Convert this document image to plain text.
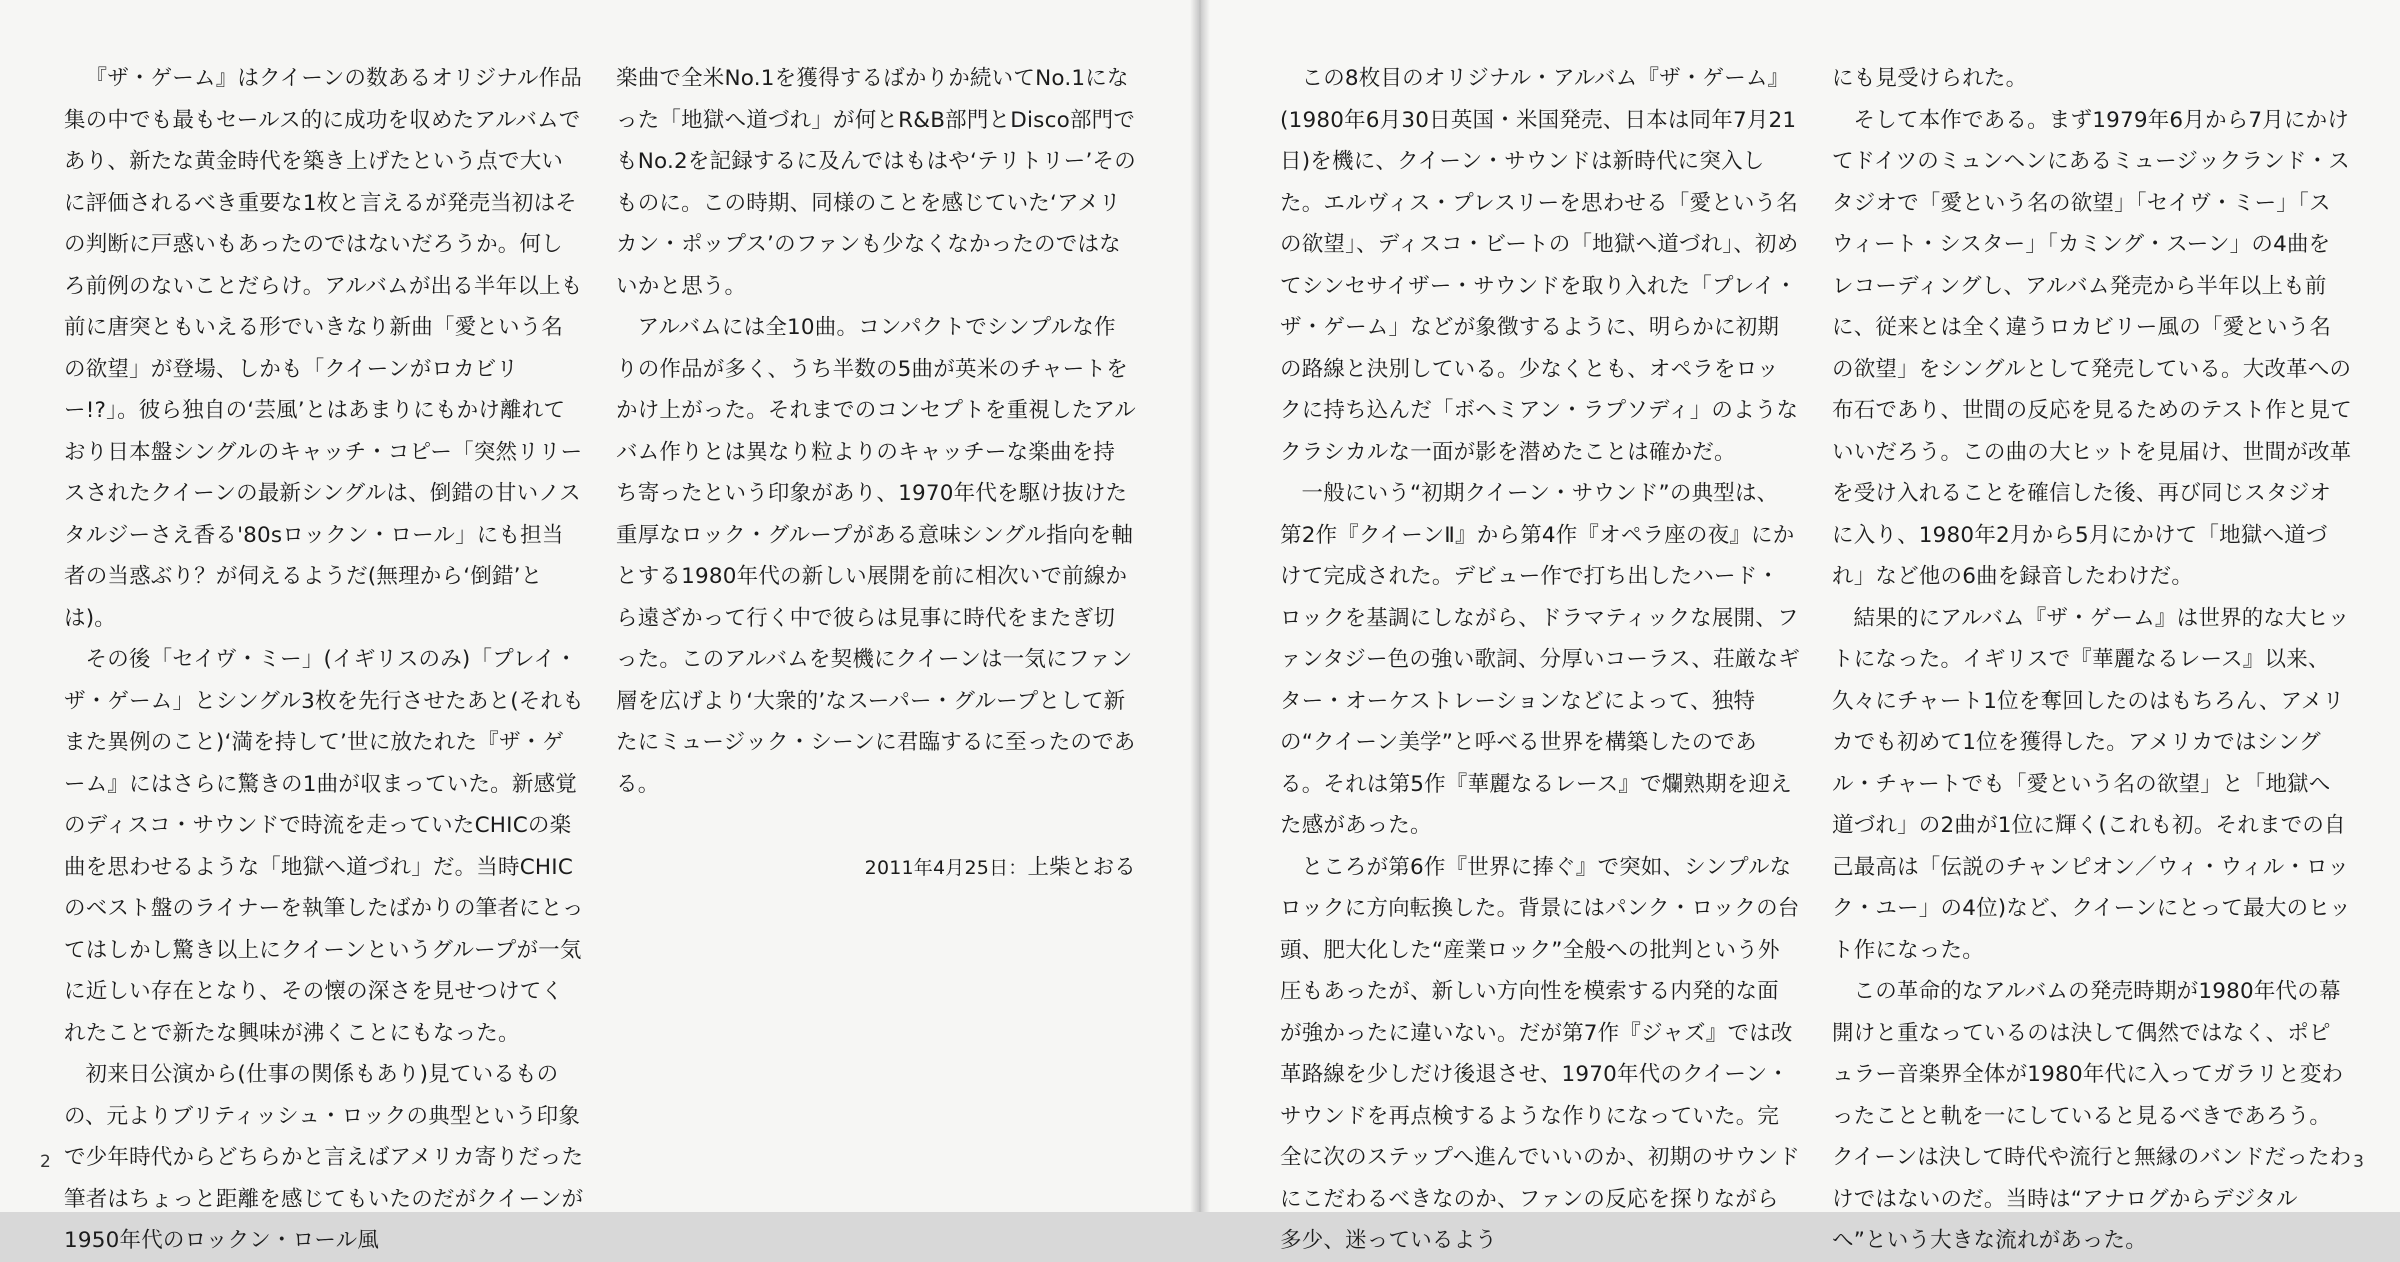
『ザ・ゲーム』はクイーンの数あるオリジナル作品集の中でも最もセールス的に成功を収めたアルバムであり、新たな黄金時代を築き上げたという点で大いに評価されるべき重要な1枚と言えるが発売当初はその判断に戸惑いもあったのではないだろうか。何しろ前例のないことだらけ。アルバムが出る半年以上も前に唐突ともいえる形でいきなり新曲「愛という名の欲望」が登場、しかも「クイーンがロカビリー!?」。彼ら独自の‘芸風’とはあまりにもかけ離れており日本盤シングルのキャッチ・コピー「突然リリースされたクイーンの最新シングルは、倒錯の甘いノスタルジーさえ香る'80sロックン・ロール」にも担当者の当惑ぶり？が伺えるようだ(無理から‘倒錯’とは)。

その後「セイヴ・ミー」(イギリスのみ)「プレイ・ザ・ゲーム」とシングル3枚を先行させたあと(それもまた異例のこと)‘満を持して’世に放たれた『ザ・ゲーム』にはさらに驚きの1曲が収まっていた。新感覚のディスコ・サウンドで時流を走っていたCHICの楽曲を思わせるような「地獄へ道づれ」だ。当時CHICのベスト盤のライナーを執筆したばかりの筆者にとってはしかし驚き以上にクイーンというグループが一気に近しい存在となり、その懐の深さを見せつけてくれたことで新たな興味が沸くことにもなった。

初来日公演から(仕事の関係もあり)見ているものの、元よりブリティッシュ・ロックの典型という印象で少年時代からどちらかと言えばアメリカ寄りだった筆者はちょっと距離を感じてもいたのだがクイーンが1950年代のロックン・ロール風

楽曲で全米No.1を獲得するばかりか続いてNo.1になった「地獄へ道づれ」が何とR&B部門とDisco部門でもNo.2を記録するに及んではもはや‘テリトリー’そのものに。この時期、同様のことを感じていた‘アメリカン・ポップス’のファンも少なくなかったのではないかと思う。

アルバムには全10曲。コンパクトでシンプルな作りの作品が多く、うち半数の5曲が英米のチャートをかけ上がった。それまでのコンセプトを重視したアルバム作りとは異なり粒よりのキャッチーな楽曲を持ち寄ったという印象があり、1970年代を駆け抜けた重厚なロック・グループがある意味シングル指向を軸とする1980年代の新しい展開を前に相次いで前線から遠ざかって行く中で彼らは見事に時代をまたぎ切った。このアルバムを契機にクイーンは一気にファン層を広げより‘大衆的’なスーパー・グループとして新たにミュージック・シーンに君臨するに至ったのである。

2011年4月25日：上柴とおる
2

この8枚目のオリジナル・アルバム『ザ・ゲーム』(1980年6月30日英国・米国発売、日本は同年7月21日)を機に、クイーン・サウンドは新時代に突入した。エルヴィス・プレスリーを思わせる「愛という名の欲望」、ディスコ・ビートの「地獄へ道づれ」、初めてシンセサイザー・サウンドを取り入れた「プレイ・ザ・ゲーム」などが象徴するように、明らかに初期の路線と決別している。少なくとも、オペラをロックに持ち込んだ「ボヘミアン・ラプソディ」のようなクラシカルな一面が影を潜めたことは確かだ。

一般にいう“初期クイーン・サウンド”の典型は、第2作『クイーンⅡ』から第4作『オペラ座の夜』にかけて完成された。デビュー作で打ち出したハード・ロックを基調にしながら、ドラマティックな展開、ファンタジー色の強い歌詞、分厚いコーラス、荘厳なギター・オーケストレーションなどによって、独特の“クイーン美学”と呼べる世界を構築したのである。それは第5作『華麗なるレース』で爛熟期を迎えた感があった。

ところが第6作『世界に捧ぐ』で突如、シンプルなロックに方向転換した。背景にはパンク・ロックの台頭、肥大化した“産業ロック”全般への批判という外圧もあったが、新しい方向性を模索する内発的な面が強かったに違いない。だが第7作『ジャズ』では改革路線を少しだけ後退させ、1970年代のクイーン・サウンドを再点検するような作りになっていた。完全に次のステップへ進んでいいのか、初期のサウンドにこだわるべきなのか、ファンの反応を探りながら多少、迷っているよう

にも見受けられた。

そして本作である。まず1979年6月から7月にかけてドイツのミュンヘンにあるミュージックランド・スタジオで「愛という名の欲望」「セイヴ・ミー」「スウィート・シスター」「カミング・スーン」の4曲をレコーディングし、アルバム発売から半年以上も前に、従来とは全く違うロカビリー風の「愛という名の欲望」をシングルとして発売している。大改革への布石であり、世間の反応を見るためのテスト作と見ていいだろう。この曲の大ヒットを見届け、世間が改革を受け入れることを確信した後、再び同じスタジオに入り、1980年2月から5月にかけて「地獄へ道づれ」など他の6曲を録音したわけだ。

結果的にアルバム『ザ・ゲーム』は世界的な大ヒットになった。イギリスで『華麗なるレース』以来、久々にチャート1位を奪回したのはもちろん、アメリカでも初めて1位を獲得した。アメリカではシングル・チャートでも「愛という名の欲望」と「地獄へ道づれ」の2曲が1位に輝く(これも初。それまでの自己最高は「伝説のチャンピオン／ウィ・ウィル・ロック・ユー」の4位)など、クイーンにとって最大のヒット作になった。

この革命的なアルバムの発売時期が1980年代の幕開けと重なっているのは決して偶然ではなく、ポピュラー音楽界全体が1980年代に入ってガラリと変わったことと軌を一にしていると見るべきであろう。クイーンは決して時代や流行と無縁のバンドだったわけではないのだ。当時は“アナログからデジタルへ”という大きな流れがあった。

3
